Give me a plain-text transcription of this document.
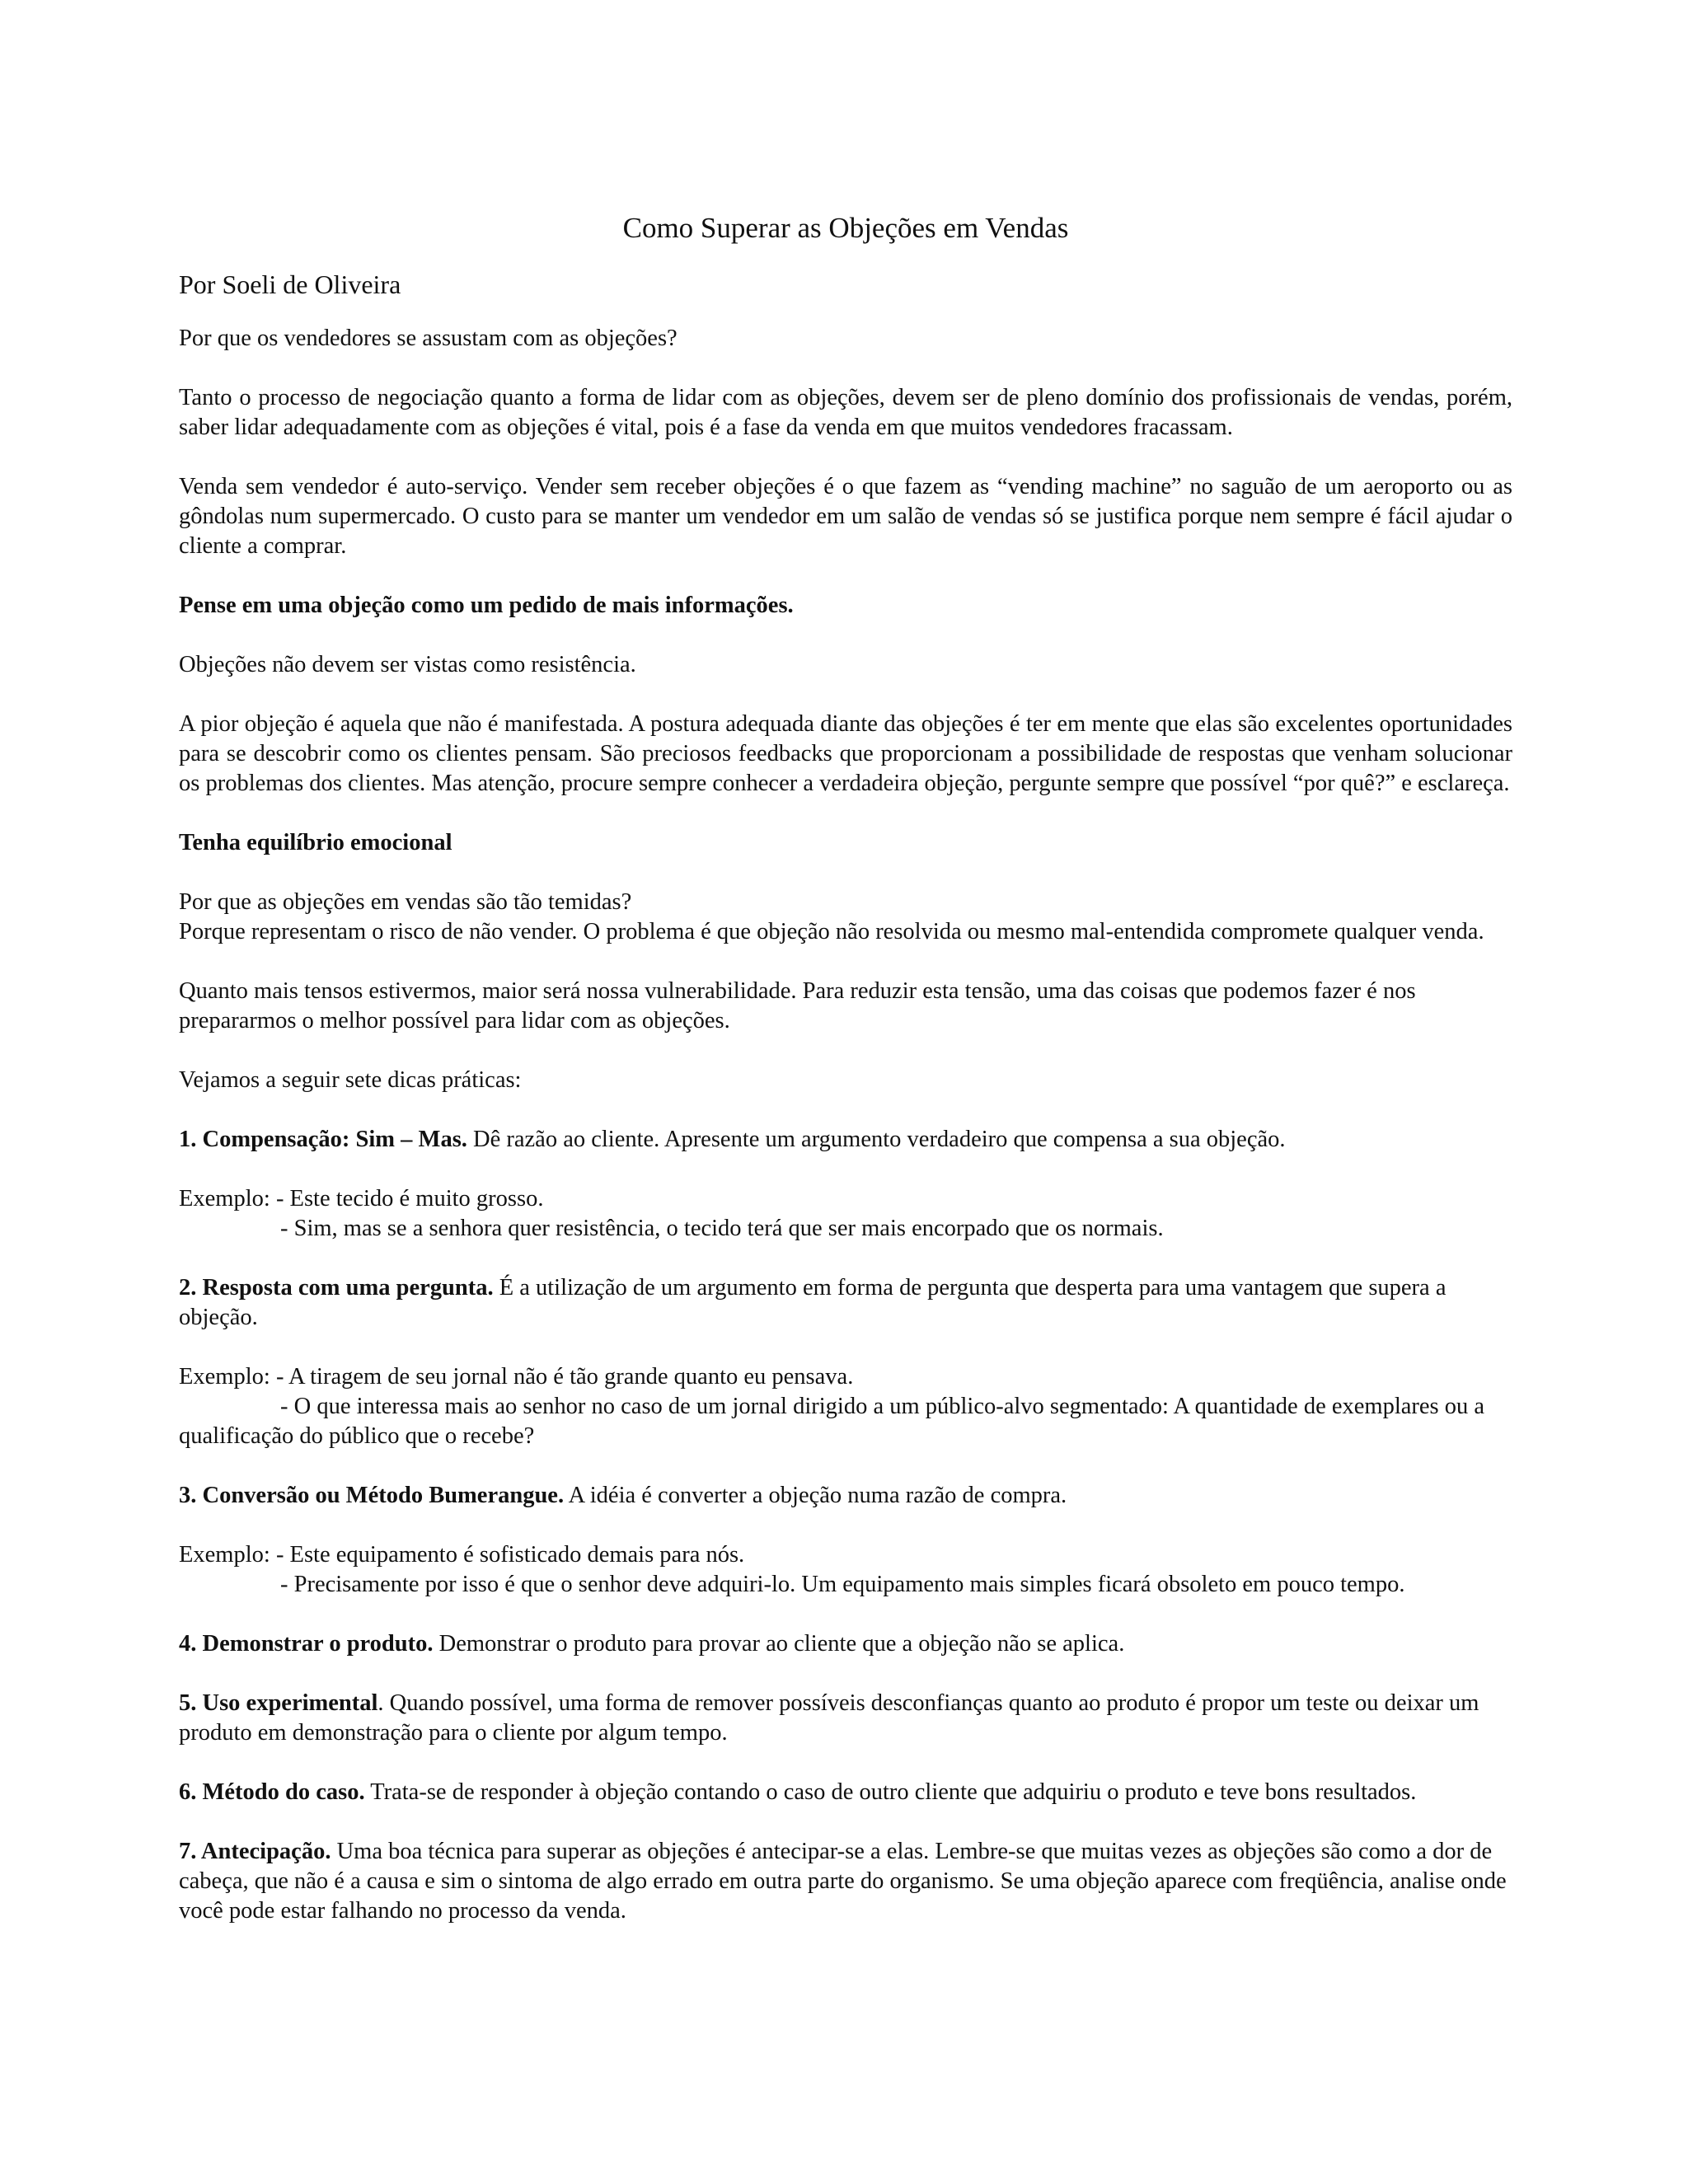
Como Superar as Objeções em Vendas
Por Soeli de Oliveira

Por que os vendedores se assustam com as objeções?

Tanto o processo de negociação quanto a forma de lidar com as objeções, devem ser de pleno domínio dos profissionais de vendas, porém, saber lidar adequadamente com as objeções é vital, pois é a fase da venda em que muitos vendedores fracassam.

Venda sem vendedor é auto-serviço. Vender sem receber objeções é o que fazem as “vending machine” no saguão de um aeroporto ou as gôndolas num supermercado. O custo para se manter um vendedor em um salão de vendas só se justifica porque nem sempre é fácil ajudar o cliente a comprar.

Pense em uma objeção como um pedido de mais informações.

Objeções não devem ser vistas como resistência.

A pior objeção é aquela que não é manifestada. A postura adequada diante das objeções é ter em mente que elas são excelentes oportunidades para se descobrir como os clientes pensam. São preciosos feedbacks que proporcionam a possibilidade de respostas que venham solucionar os problemas dos clientes. Mas atenção, procure sempre conhecer a verdadeira objeção, pergunte sempre que possível “por quê?” e esclareça.

Tenha equilíbrio emocional

Por que as objeções em vendas são tão temidas?

Porque representam o risco de não vender. O problema é que objeção não resolvida ou mesmo mal-entendida compromete qualquer venda.

Quanto mais tensos estivermos, maior será nossa vulnerabilidade. Para reduzir esta tensão, uma das coisas que podemos fazer é nos prepararmos o melhor possível para lidar com as objeções.

Vejamos a seguir sete dicas práticas:

1. Compensação: Sim – Mas. Dê razão ao cliente. Apresente um argumento verdadeiro que compensa a sua objeção.

Exemplo: - Este tecido é muito grosso.
- Sim, mas se a senhora quer resistência, o tecido terá que ser mais encorpado que os normais.

2. Resposta com uma pergunta. É a utilização de um argumento em forma de pergunta que desperta para uma vantagem que supera a objeção.

Exemplo: - A tiragem de seu jornal não é tão grande quanto eu pensava.
- O que interessa mais ao senhor no caso de um jornal dirigido a um público-alvo segmentado: A quantidade de exemplares ou a qualificação do público que o recebe?

3. Conversão ou Método Bumerangue. A idéia é converter a objeção numa razão de compra.

Exemplo: - Este equipamento é sofisticado demais para nós.
- Precisamente por isso é que o senhor deve adquiri-lo. Um equipamento mais simples ficará obsoleto em pouco tempo.

4. Demonstrar o produto. Demonstrar o produto para provar ao cliente que a objeção não se aplica.

5. Uso experimental. Quando possível, uma forma de remover possíveis desconfianças quanto ao produto é propor um teste ou deixar um produto em demonstração para o cliente por algum tempo.

6. Método do caso. Trata-se de responder à objeção contando o caso de outro cliente que adquiriu o produto e teve bons resultados.

7. Antecipação. Uma boa técnica para superar as objeções é antecipar-se a elas. Lembre-se que muitas vezes as objeções são como a dor de cabeça, que não é a causa e sim o sintoma de algo errado em outra parte do organismo. Se uma objeção aparece com freqüência, analise onde você pode estar falhando no processo da venda.
